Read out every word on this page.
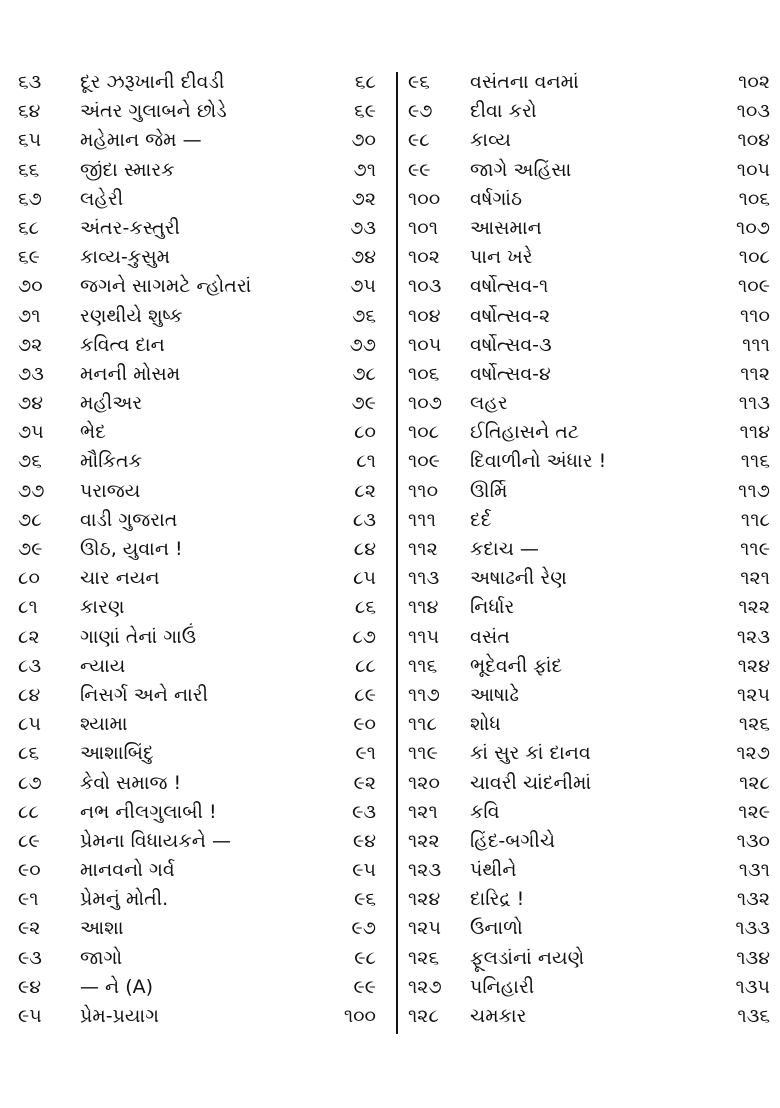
૬૩ દૂર ઝરૂખાની દીવડી	૬૮
૬૪ અંતર ગુલાબને છોડે	૬૯
૬૫ મહેમાન જેમ —	૭૦
૬૬ જીંદા સ્મારક	૭૧
૬૭ લહેરી	૭૨
૬૮ અંતર-કસ્તુરી	૭૩
૬૯ કાવ્ય-કુસુમ	૭૪
૭૦ જગને સાગમટે ન્હોતરાં	૭૫
૭૧ રણથીયે શુષ્ક	૭૬
૭૨ કવિત્વ દાન	૭૭
૭૩ મનની મોસમ	૭૮
૭૪ મહીઅર	૭૯
૭૫ ભેદ	૮૦
૭૬ મૌકિતક	૮૧
૭૭ પરાજય	૮૨
૭૮ વાડી ગુજરાત	૮૩
૭૯ ઊઠ, યુવાન !	૮૪
૮૦ ચાર નયન	૮૫
૮૧ કારણ	૮૬
૮૨ ગાણાં તેનાં ગાઉં	૮૭
૮૩ ન્યાય	૮૮
૮૪ નિસર્ગ અને નારી	૮૯
૮૫ શ્યામા	૯૦
૮૬ આશાબિંદુ	૯૧
૮૭ કેવો સમાજ !	૯૨
૮૮ નભ નીલગુલાબી !	૯૩
૮૯ પ્રેમના વિધાયકને —	૯૪
૯૦ માનવનો ગર્વ	૯૫
૯૧ પ્રેમનું મોતી.	૯૬
૯૨ આશા	૯૭
૯૩ જાગો	૯૮
૯૪ — ને (A)	૯૯
૯૫ પ્રેમ-પ્રયાગ	૧૦૦
૯૬ વસંતના વનમાં	૧૦૨
૯૭ દીવા કરો	૧૦૩
૯૮ કાવ્ય	૧૦૪
૯૯ જાગે અહિંસા	૧૦૫
૧૦૦ વર્ષગાંઠ	૧૦૬
૧૦૧ આસમાન	૧૦૭
૧૦૨ પાન ખરે	૧૦૮
૧૦૩ વર્ષોત્સવ-૧	૧૦૯
૧૦૪ વર્ષોત્સવ-૨	૧૧૦
૧૦૫ વર્ષોત્સવ-૩	૧૧૧
૧૦૬ વર્ષોત્સવ-૪	૧૧૨
૧૦૭ લહર	૧૧૩
૧૦૮ ઈતિહાસને તટ	૧૧૪
૧૦૯ દિવાળીનો અંધાર !	૧૧૬
૧૧૦ ઊર્મિ	૧૧૭
૧૧૧ દર્દ	૧૧૮
૧૧૨ કદાચ —	૧૧૯
૧૧૩ અષાઢની રેણ	૧૨૧
૧૧૪ નિર્ધાર	૧૨૨
૧૧૫ વસંત	૧૨૩
૧૧૬ ભૂદેવની ફાંદ	૧૨૪
૧૧૭ આષાઢે	૧૨૫
૧૧૮ શોધ	૧૨૬
૧૧૯ કાં સુર કાં દાનવ	૧૨૭
૧૨૦ ચાવરી ચાંદનીમાં	૧૨૮
૧૨૧ કવિ	૧૨૯
૧૨૨ હિંદ-બગીચે	૧૩૦
૧૨૩ પંથીને	૧૩૧
૧૨૪ દારિદ્ર !	૧૩૨
૧૨૫ ઉનાળો	૧૩૩
૧૨૬ ફૂલડાંનાં નયણે	૧૩૪
૧૨૭ પનિહારી	૧૩૫
૧૨૮ ચમકાર	૧૩૬
